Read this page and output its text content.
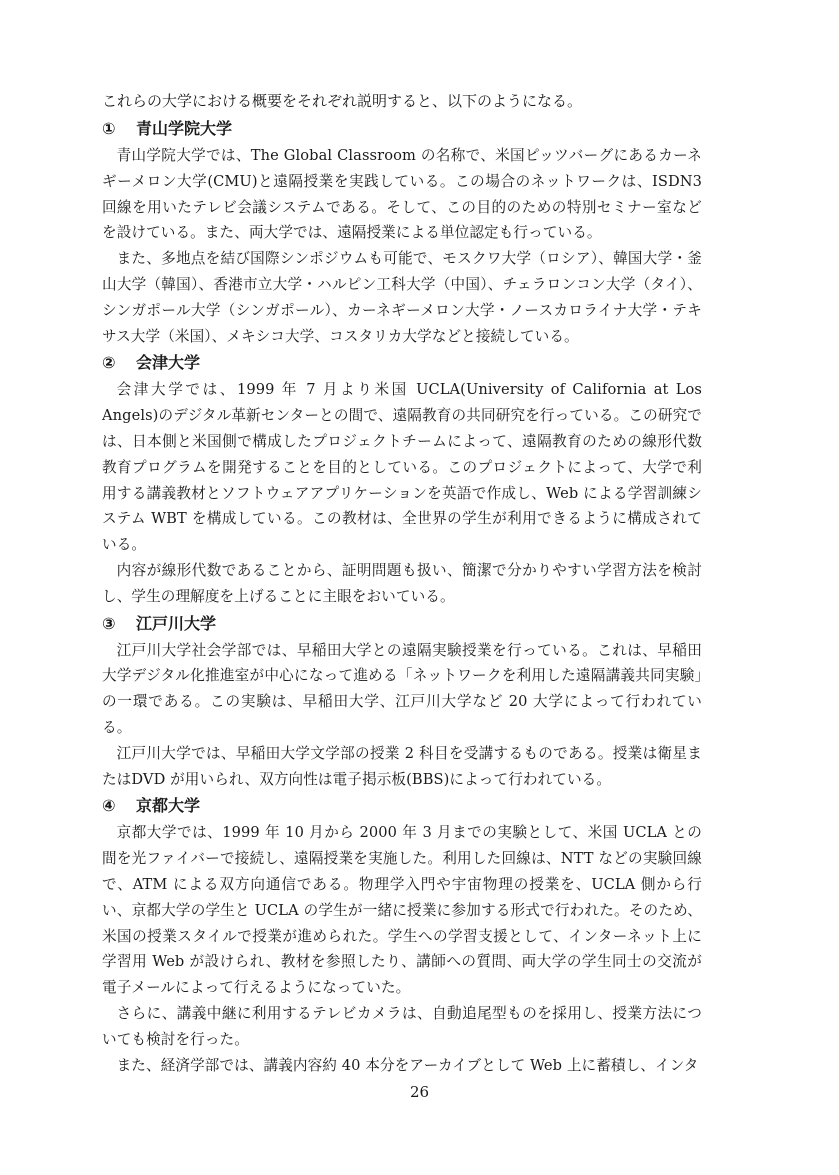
これらの大学における概要をそれぞれ説明すると、以下のようになる。

① 青山学院大学

青山学院大学では、The Global Classroom の名称で、米国ピッツバーグにあるカーネギーメロン大学(CMU)と遠隔授業を実践している。この場合のネットワークは、ISDN3 回線を用いたテレビ会議システムである。そして、この目的のための特別セミナー室などを設けている。また、両大学では、遠隔授業による単位認定も行っている。

また、多地点を結び国際シンポジウムも可能で、モスクワ大学（ロシア）、韓国大学・釜山大学（韓国）、香港市立大学・ハルピン工科大学（中国）、チェラロンコン大学（タイ）、シンガポール大学（シンガポール）、カーネギーメロン大学・ノースカロライナ大学・テキサス大学（米国）、メキシコ大学、コスタリカ大学などと接続している。

② 会津大学

会津大学では、1999 年 7 月より米国 UCLA(University of California at Los Angels)のデジタル革新センターとの間で、遠隔教育の共同研究を行っている。この研究では、日本側と米国側で構成したプロジェクトチームによって、遠隔教育のための線形代数教育プログラムを開発することを目的としている。このプロジェクトによって、大学で利用する講義教材とソフトウェアアプリケーションを英語で作成し、Web による学習訓練システム WBT を構成している。この教材は、全世界の学生が利用できるように構成されている。

内容が線形代数であることから、証明問題も扱い、簡潔で分かりやすい学習方法を検討し、学生の理解度を上げることに主眼をおいている。

③ 江戸川大学

江戸川大学社会学部では、早稲田大学との遠隔実験授業を行っている。これは、早稲田大学デジタル化推進室が中心になって進める「ネットワークを利用した遠隔講義共同実験」の一環である。この実験は、早稲田大学、江戸川大学など 20 大学によって行われている。

江戸川大学では、早稲田大学文学部の授業 2 科目を受講するものである。授業は衛星またはDVD が用いられ、双方向性は電子掲示板(BBS)によって行われている。

④ 京都大学

京都大学では、1999 年 10 月から 2000 年 3 月までの実験として、米国 UCLA との間を光ファイバーで接続し、遠隔授業を実施した。利用した回線は、NTT などの実験回線で、ATM による双方向通信である。物理学入門や宇宙物理の授業を、UCLA 側から行い、京都大学の学生と UCLA の学生が一緒に授業に参加する形式で行われた。そのため、米国の授業スタイルで授業が進められた。学生への学習支援として、インターネット上に学習用 Web が設けられ、教材を参照したり、講師への質問、両大学の学生同士の交流が電子メールによって行えるようになっていた。

さらに、講義中継に利用するテレビカメラは、自動追尾型ものを採用し、授業方法についても検討を行った。

また、経済学部では、講義内容約 40 本分をアーカイブとして Web 上に蓄積し、インタ

26
